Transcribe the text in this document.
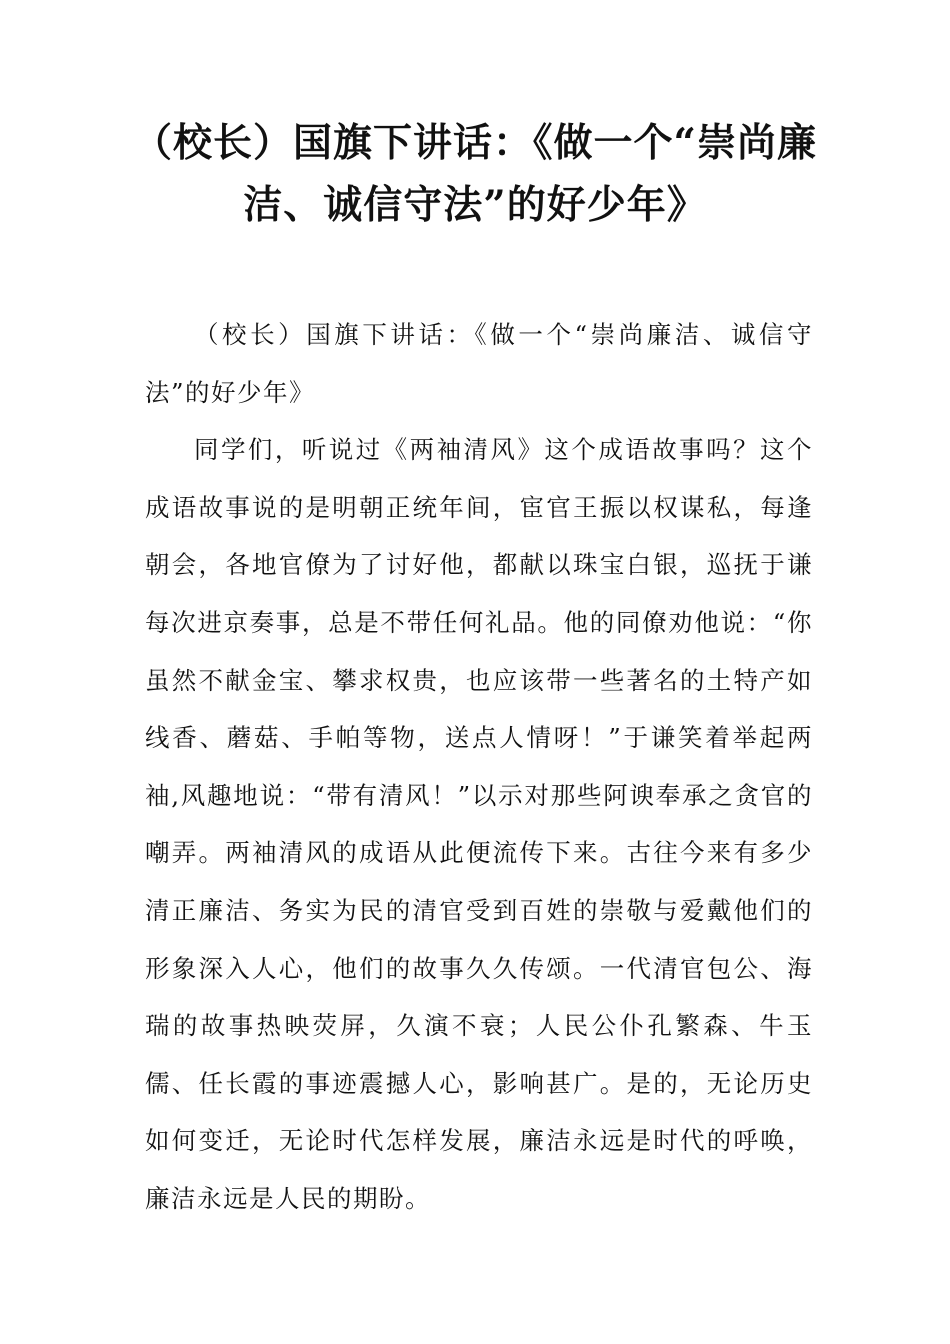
（校长）国旗下讲话：《做一个“崇尚廉洁、诚信守法”的好少年》

（校长）国旗下讲话：《做一个“崇尚廉洁、诚信守法”的好少年》

同学们，听说过《两袖清风》这个成语故事吗？这个成语故事说的是明朝正统年间，宦官王振以权谋私，每逢朝会，各地官僚为了讨好他，都献以珠宝白银，巡抚于谦每次进京奏事，总是不带任何礼品。他的同僚劝他说：“你虽然不献金宝、攀求权贵，也应该带一些著名的土特产如线香、蘑菇、手帕等物，送点人情呀！”于谦笑着举起两袖,风趣地说：“带有清风！”以示对那些阿谀奉承之贪官的嘲弄。两袖清风的成语从此便流传下来。古往今来有多少清正廉洁、务实为民的清官受到百姓的崇敬与爱戴他们的形象深入人心，他们的故事久久传颂。一代清官包公、海瑞的故事热映荧屏，久演不衰；人民公仆孔繁森、牛玉儒、任长霞的事迹震撼人心，影响甚广。是的，无论历史如何变迁，无论时代怎样发展，廉洁永远是时代的呼唤，廉洁永远是人民的期盼。
